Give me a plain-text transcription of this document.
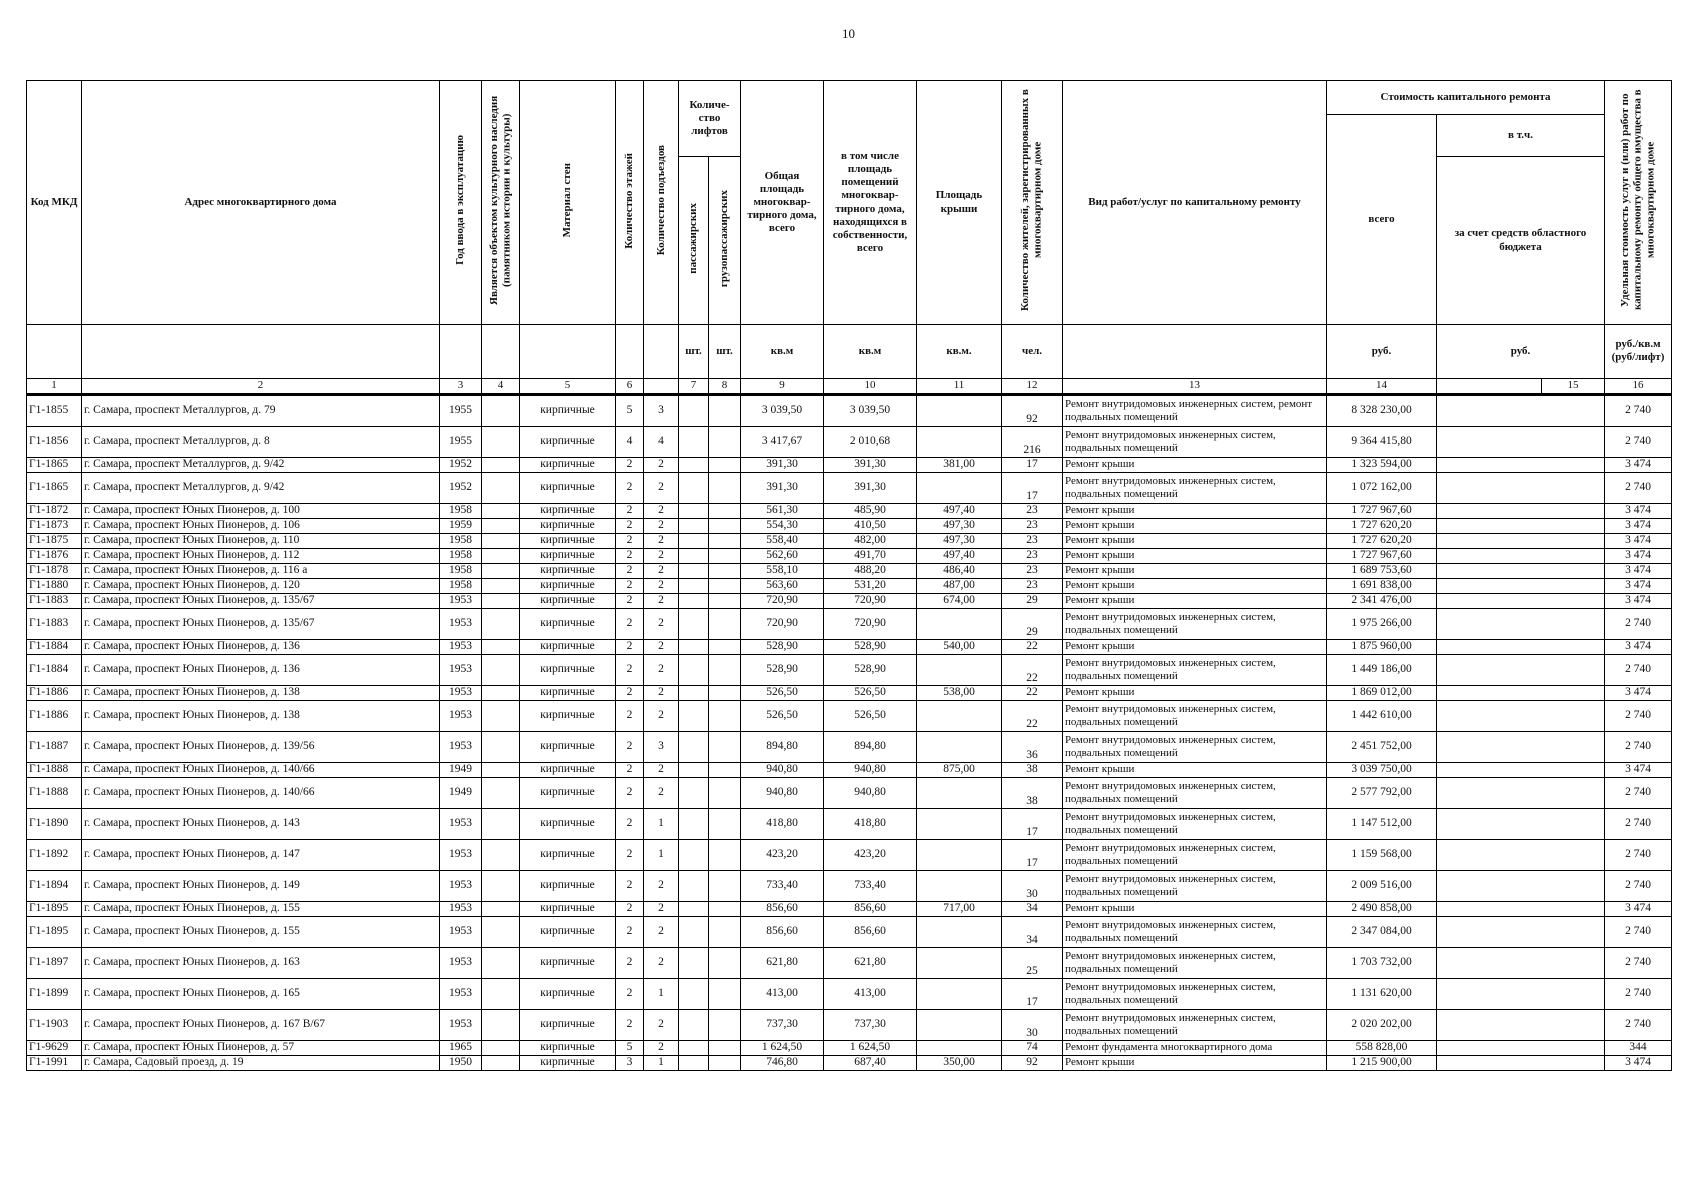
10
Код МКД	Адрес многоквартирного дома	Год ввода в эксплуатацию	Является объектом культурного наследия (памятником истории и культуры)	Материал стен	Количество этажей	Количество подъездов	Количе-ство лифтов		Общая площадь многоквар-тирного дома, всего	в том числе площадь помещений многоквар-тирного дома, находящихся в собственности, всего	Площадь крыши	Количество жителей, зарегистрированных в многоквартирном доме	Вид работ/услуг по капитальному ремонту	Стоимость капитального ремонта			Удельная стоимость услуг и (или) работ по капитальному ремонту общего имущества в многоквартирном доме	
														всего	в т.ч.			
							пассажирских	грузопассажирских							за счет средств областного бюджета			
							шт.	шт.	кв.м	кв.м	кв.м.	чел.		руб.	руб.		руб./кв.м (руб/лифт)	
1	2	3	4	5	6		7	8	9	10	11	12	13	14		15	16	
Г1-1855	г. Самара, проспект Металлургов, д. 79	1955		кирпичные	5	3			3 039,50	3 039,50		92	Ремонт внутридомовых инженерных систем, ремонт подвальных помещений	8 328 230,00			2 740	
Г1-1856	г. Самара, проспект Металлургов, д. 8	1955		кирпичные	4	4			3 417,67	2 010,68		216	Ремонт внутридомовых инженерных систем, подвальных помещений	9 364 415,80			2 740	
Г1-1865	г. Самара, проспект Металлургов, д. 9/42	1952		кирпичные	2	2			391,30	391,30	381,00	17	Ремонт крыши	1 323 594,00			3 474	
Г1-1865	г. Самара, проспект Металлургов, д. 9/42	1952		кирпичные	2	2			391,30	391,30		17	Ремонт внутридомовых инженерных систем, подвальных помещений	1 072 162,00			2 740	
Г1-1872	г. Самара, проспект Юных Пионеров, д. 100	1958		кирпичные	2	2			561,30	485,90	497,40	23	Ремонт крыши	1 727 967,60			3 474	
Г1-1873	г. Самара, проспект Юных Пионеров, д. 106	1959		кирпичные	2	2			554,30	410,50	497,30	23	Ремонт крыши	1 727 620,20			3 474	
Г1-1875	г. Самара, проспект Юных Пионеров, д. 110	1958		кирпичные	2	2			558,40	482,00	497,30	23	Ремонт крыши	1 727 620,20			3 474	
Г1-1876	г. Самара, проспект Юных Пионеров, д. 112	1958		кирпичные	2	2			562,60	491,70	497,40	23	Ремонт крыши	1 727 967,60			3 474	
Г1-1878	г. Самара, проспект Юных Пионеров, д. 116 а	1958		кирпичные	2	2			558,10	488,20	486,40	23	Ремонт крыши	1 689 753,60			3 474	
Г1-1880	г. Самара, проспект Юных Пионеров, д. 120	1958		кирпичные	2	2			563,60	531,20	487,00	23	Ремонт крыши	1 691 838,00			3 474	
Г1-1883	г. Самара, проспект Юных Пионеров, д. 135/67	1953		кирпичные	2	2			720,90	720,90	674,00	29	Ремонт крыши	2 341 476,00			3 474	
Г1-1883	г. Самара, проспект Юных Пионеров, д. 135/67	1953		кирпичные	2	2			720,90	720,90		29	Ремонт внутридомовых инженерных систем, подвальных помещений	1 975 266,00			2 740	
Г1-1884	г. Самара, проспект Юных Пионеров, д. 136	1953		кирпичные	2	2			528,90	528,90	540,00	22	Ремонт крыши	1 875 960,00			3 474	
Г1-1884	г. Самара, проспект Юных Пионеров, д. 136	1953		кирпичные	2	2			528,90	528,90		22	Ремонт внутридомовых инженерных систем, подвальных помещений	1 449 186,00			2 740	
Г1-1886	г. Самара, проспект Юных Пионеров, д. 138	1953		кирпичные	2	2			526,50	526,50	538,00	22	Ремонт крыши	1 869 012,00			3 474	
Г1-1886	г. Самара, проспект Юных Пионеров, д. 138	1953		кирпичные	2	2			526,50	526,50		22	Ремонт внутридомовых инженерных систем, подвальных помещений	1 442 610,00			2 740	
Г1-1887	г. Самара, проспект Юных Пионеров, д. 139/56	1953		кирпичные	2	3			894,80	894,80		36	Ремонт внутридомовых инженерных систем, подвальных помещений	2 451 752,00			2 740	
Г1-1888	г. Самара, проспект Юных Пионеров, д. 140/66	1949		кирпичные	2	2			940,80	940,80	875,00	38	Ремонт крыши	3 039 750,00			3 474	
Г1-1888	г. Самара, проспект Юных Пионеров, д. 140/66	1949		кирпичные	2	2			940,80	940,80		38	Ремонт внутридомовых инженерных систем, подвальных помещений	2 577 792,00			2 740	
Г1-1890	г. Самара, проспект Юных Пионеров, д. 143	1953		кирпичные	2	1			418,80	418,80		17	Ремонт внутридомовых инженерных систем, подвальных помещений	1 147 512,00			2 740	
Г1-1892	г. Самара, проспект Юных Пионеров, д. 147	1953		кирпичные	2	1			423,20	423,20		17	Ремонт внутридомовых инженерных систем, подвальных помещений	1 159 568,00			2 740	
Г1-1894	г. Самара, проспект Юных Пионеров, д. 149	1953		кирпичные	2	2			733,40	733,40		30	Ремонт внутридомовых инженерных систем, подвальных помещений	2 009 516,00			2 740	
Г1-1895	г. Самара, проспект Юных Пионеров, д. 155	1953		кирпичные	2	2			856,60	856,60	717,00	34	Ремонт крыши	2 490 858,00			3 474	
Г1-1895	г. Самара, проспект Юных Пионеров, д. 155	1953		кирпичные	2	2			856,60	856,60		34	Ремонт внутридомовых инженерных систем, подвальных помещений	2 347 084,00			2 740	
Г1-1897	г. Самара, проспект Юных Пионеров, д. 163	1953		кирпичные	2	2			621,80	621,80		25	Ремонт внутридомовых инженерных систем, подвальных помещений	1 703 732,00			2 740	
Г1-1899	г. Самара, проспект Юных Пионеров, д. 165	1953		кирпичные	2	1			413,00	413,00		17	Ремонт внутридомовых инженерных систем, подвальных помещений	1 131 620,00			2 740	
Г1-1903	г. Самара, проспект Юных Пионеров, д. 167 В/67	1953		кирпичные	2	2			737,30	737,30		30	Ремонт внутридомовых инженерных систем, подвальных помещений	2 020 202,00			2 740	
Г1-9629	г. Самара, проспект Юных Пионеров, д. 57	1965		кирпичные	5	2			1 624,50	1 624,50		74	Ремонт фундамента многоквартирного дома	558 828,00			344	
Г1-1991	г. Самара, Садовый проезд, д. 19	1950		кирпичные	3	1			746,80	687,40	350,00	92	Ремонт крыши	1 215 900,00			3 474	
